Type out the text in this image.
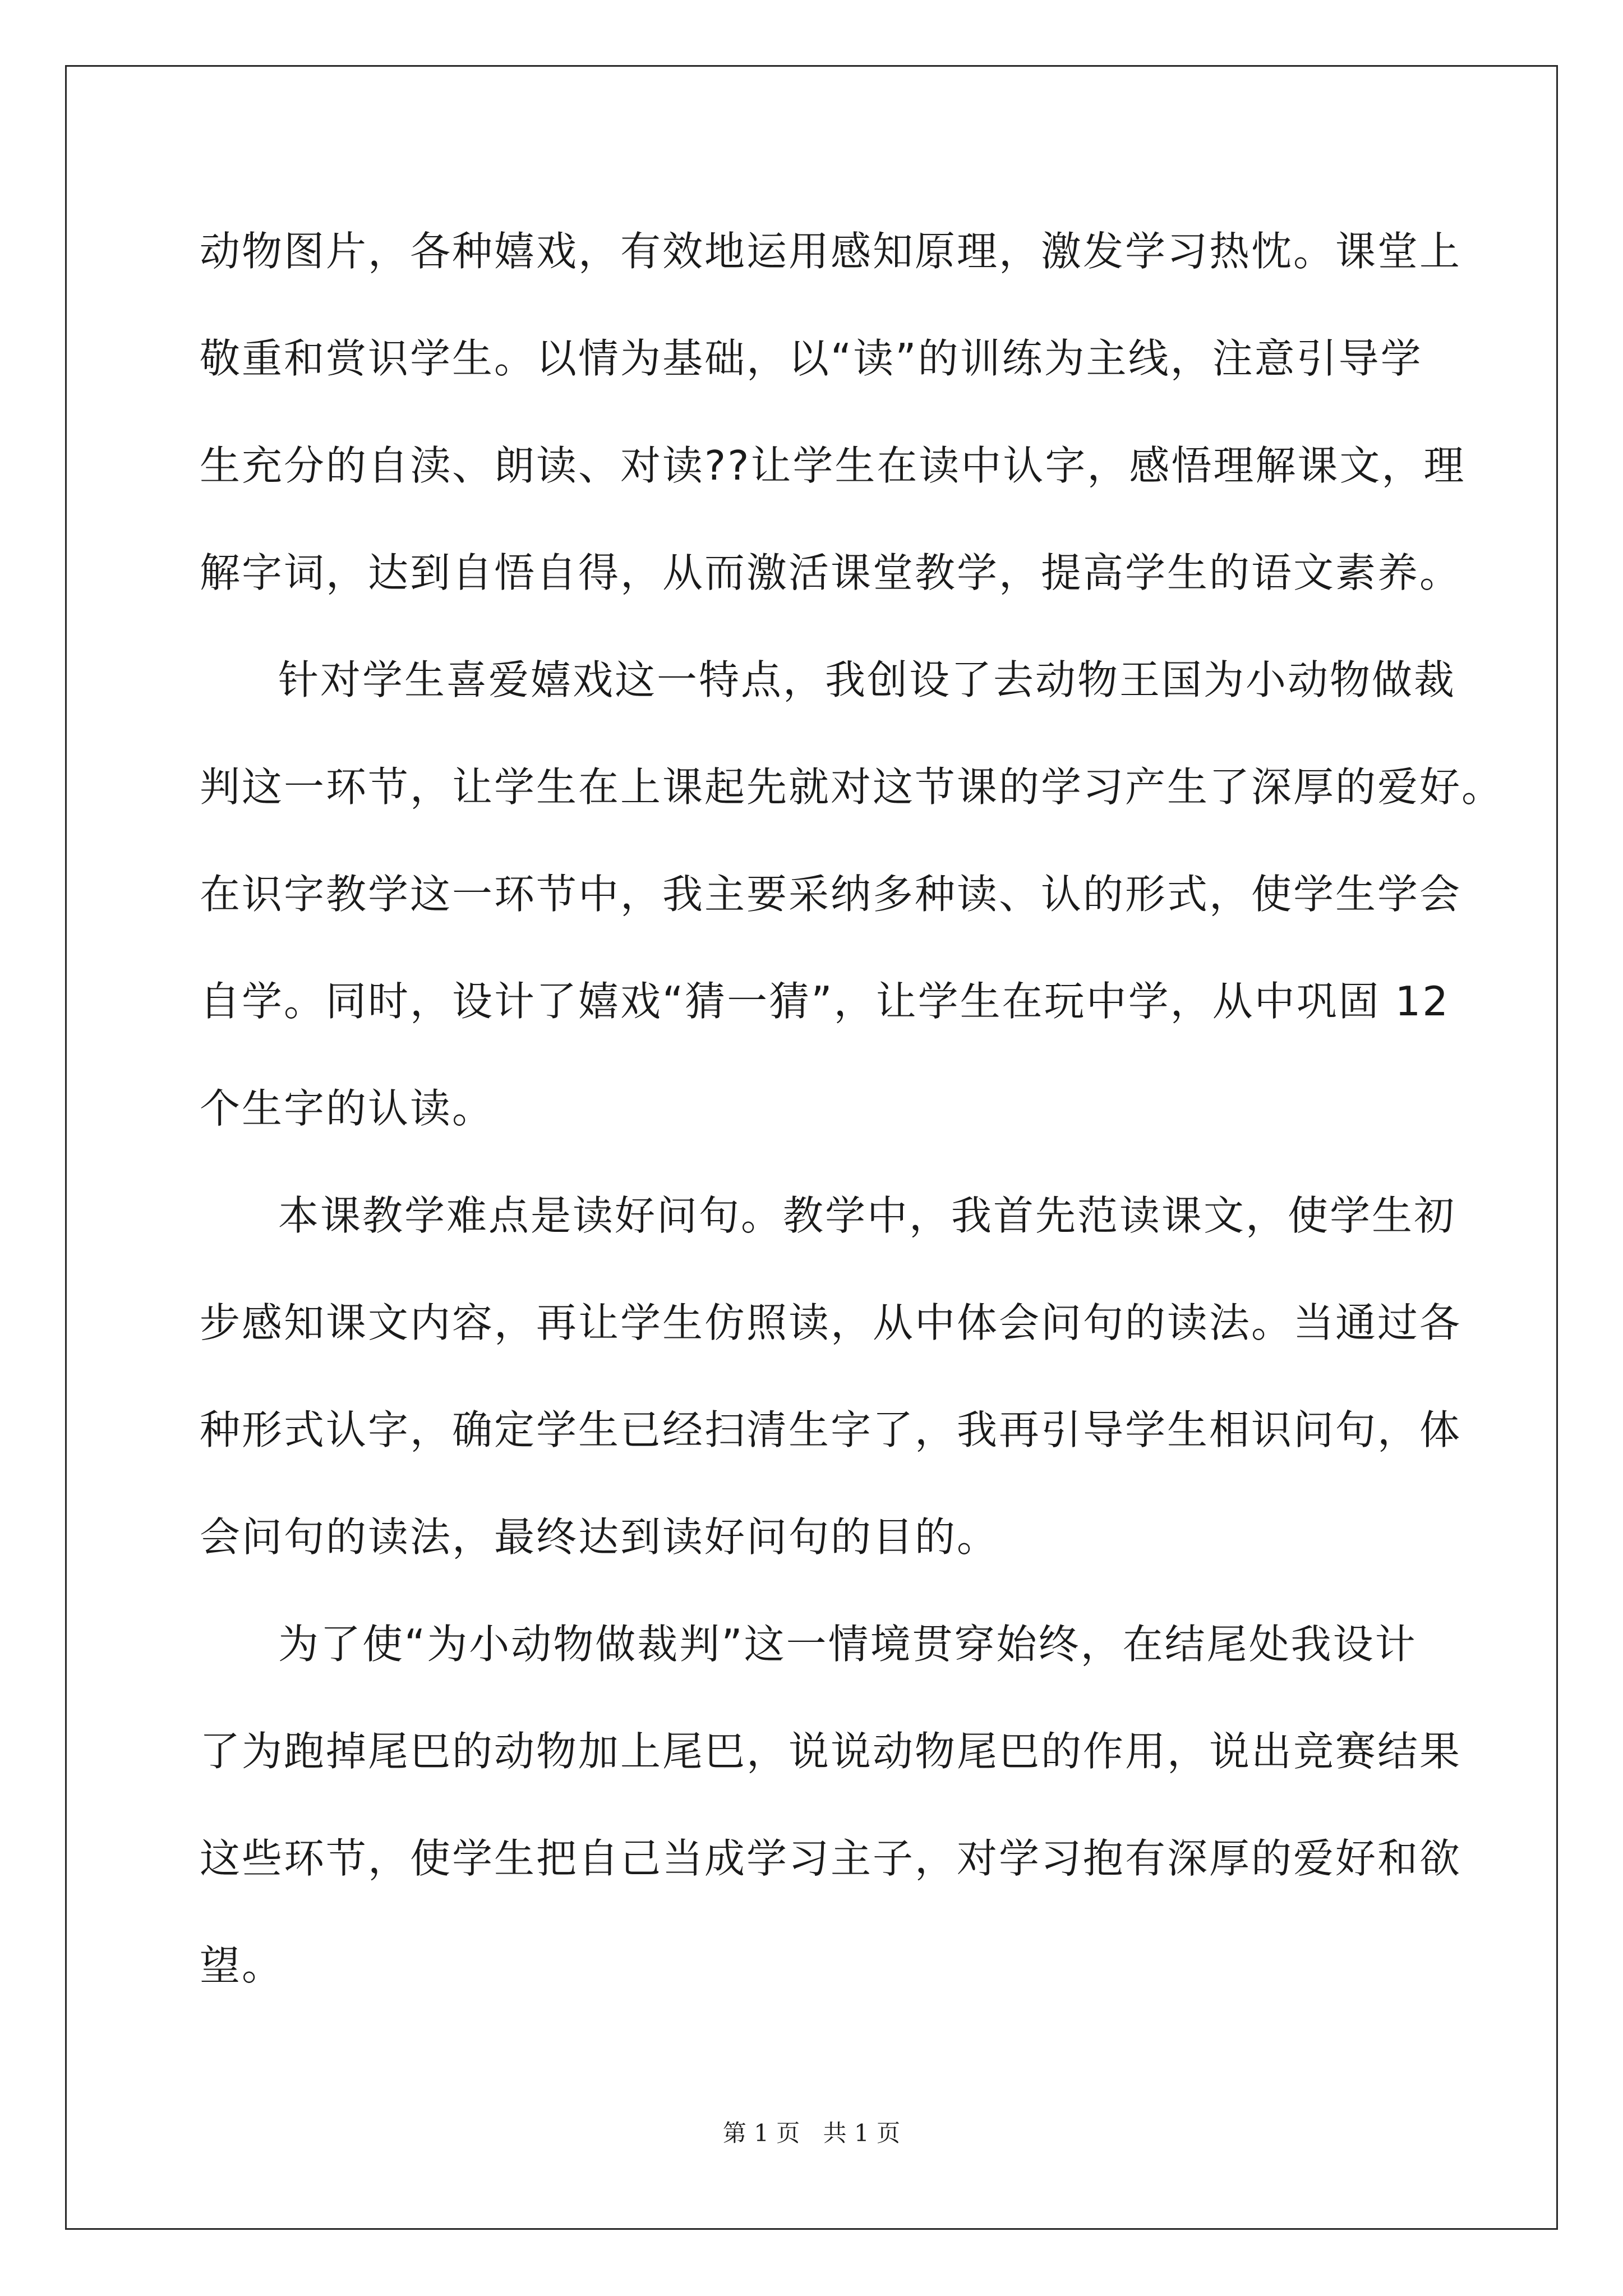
动物图片，各种嬉戏，有效地运用感知原理，激发学习热忱。课堂上
敬重和赏识学生。以情为基础，以“读”的训练为主线，注意引导学
生充分的自渎、朗读、对读??让学生在读中认字，感悟理解课文，理
解字词，达到自悟自得，从而激活课堂教学，提高学生的语文素养。
针对学生喜爱嬉戏这一特点，我创设了去动物王国为小动物做裁
判这一环节，让学生在上课起先就对这节课的学习产生了深厚的爱好。
在识字教学这一环节中，我主要采纳多种读、认的形式，使学生学会
自学。同时，设计了嬉戏“猜一猜”，让学生在玩中学，从中巩固 12
个生字的认读。
本课教学难点是读好问句。教学中，我首先范读课文，使学生初
步感知课文内容，再让学生仿照读，从中体会问句的读法。当通过各
种形式认字，确定学生已经扫清生字了，我再引导学生相识问句，体
会问句的读法，最终达到读好问句的目的。
为了使“为小动物做裁判”这一情境贯穿始终，在结尾处我设计
了为跑掉尾巴的动物加上尾巴，说说动物尾巴的作用，说出竞赛结果
这些环节，使学生把自己当成学习主子，对学习抱有深厚的爱好和欲
望。
第 1 页 共 1 页
